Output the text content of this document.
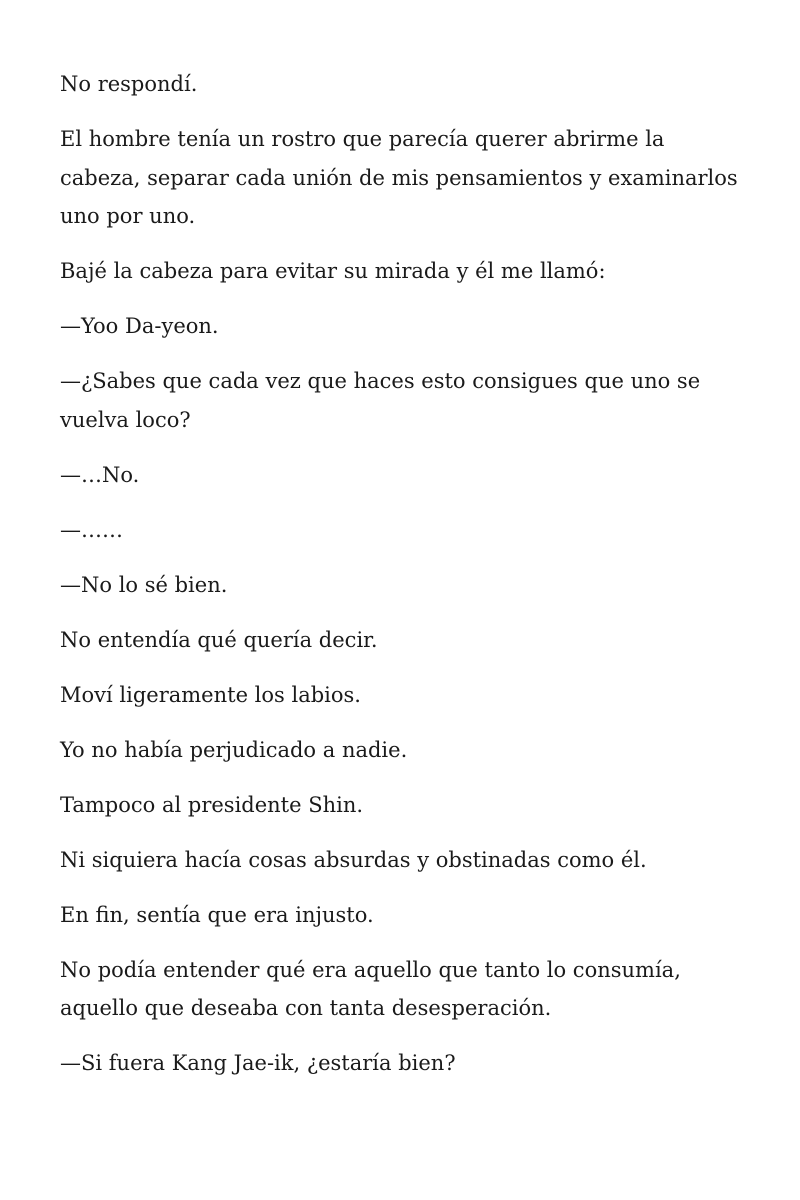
No respondí.

El hombre tenía un rostro que parecía querer abrirme la cabeza, separar cada unión de mis pensamientos y examinarlos uno por uno.

Bajé la cabeza para evitar su mirada y él me llamó:

—Yoo Da-yeon.

—¿Sabes que cada vez que haces esto consigues que uno se vuelva loco?

—…No.

—……

—No lo sé bien.

No entendía qué quería decir.

Moví ligeramente los labios.

Yo no había perjudicado a nadie.

Tampoco al presidente Shin.

Ni siquiera hacía cosas absurdas y obstinadas como él.

En fin, sentía que era injusto.

No podía entender qué era aquello que tanto lo consumía, aquello que deseaba con tanta desesperación.

—Si fuera Kang Jae-ik, ¿estaría bien?
